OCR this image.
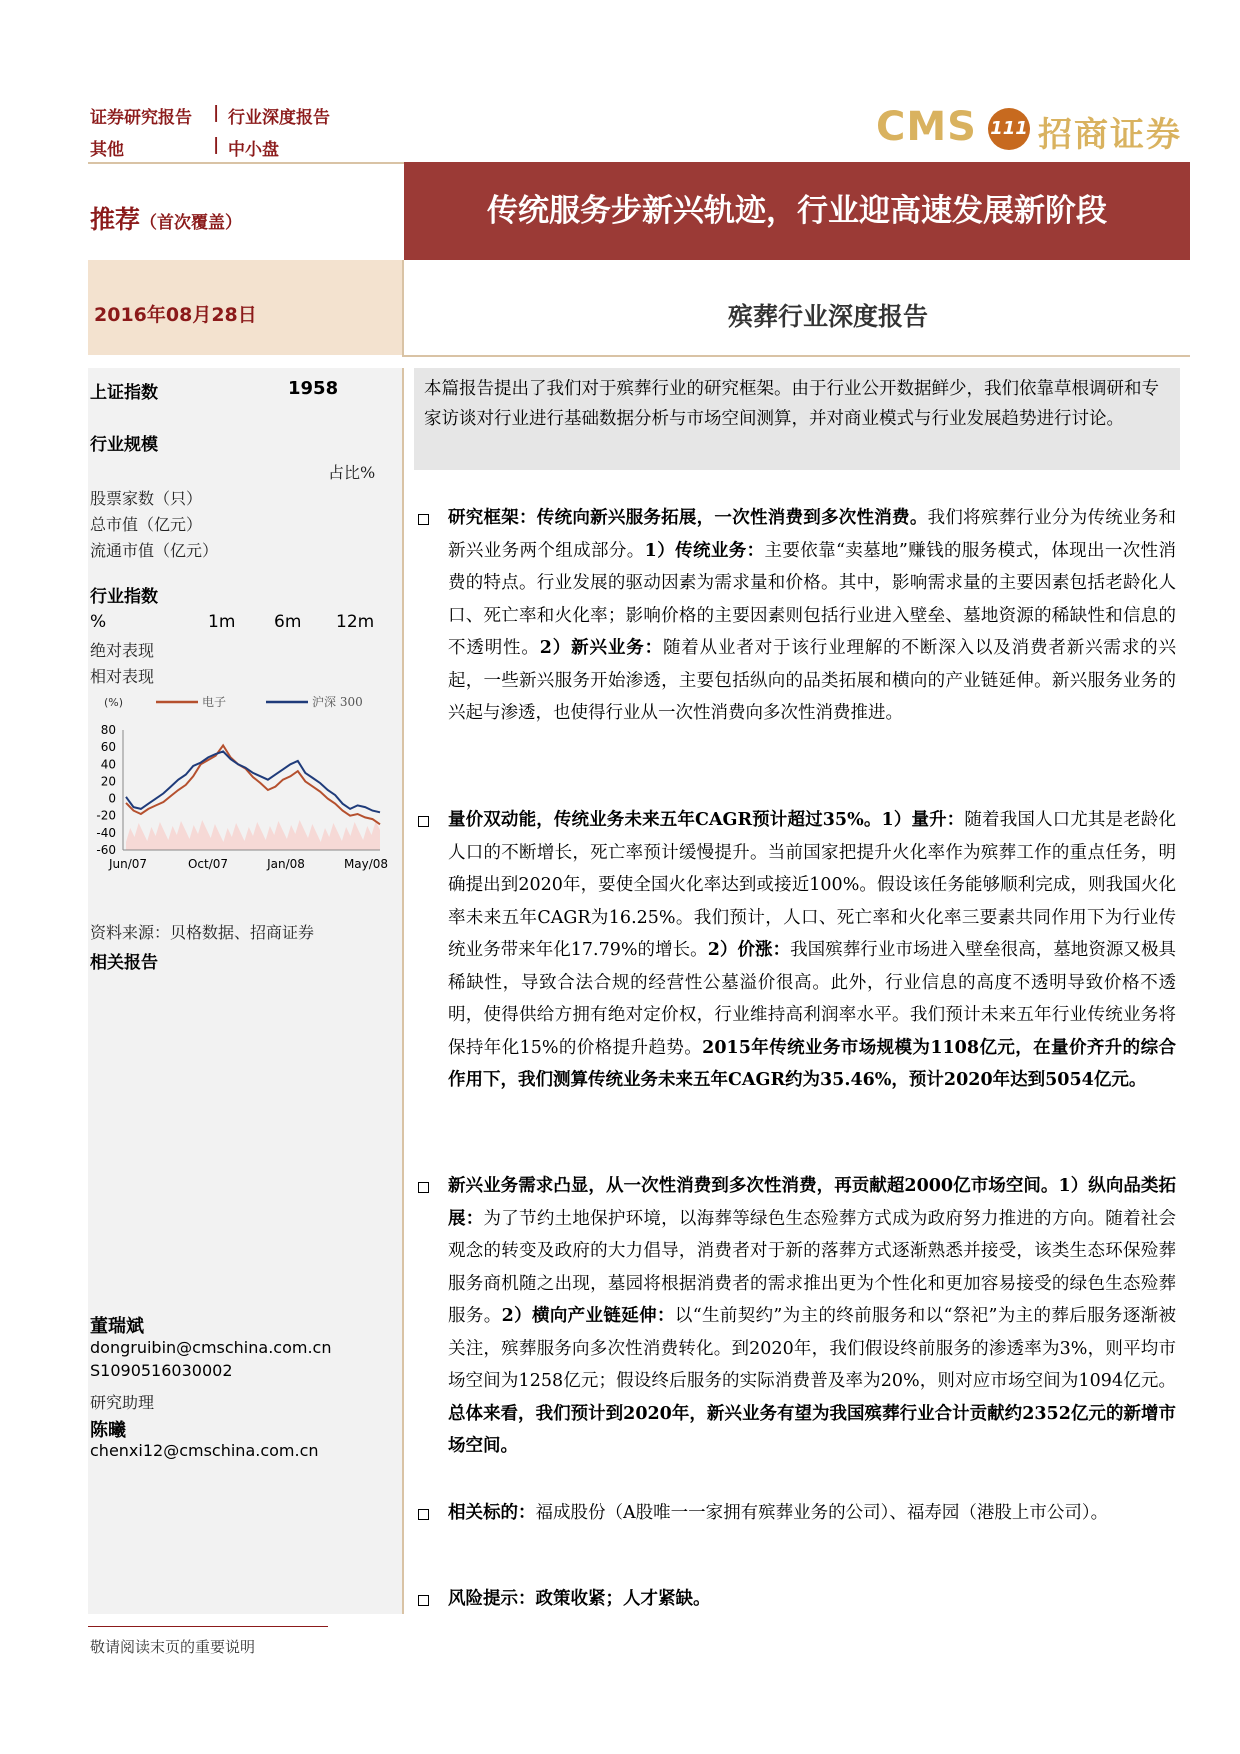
证券研究报告 | 行业深度报告
其他	| 中小盘	CMS 111 招商证券
推荐（首次覆盖）	传统服务步新兴轨迹，行业迎高速发展新阶段
2016年08月28日	殡葬行业深度报告
上证指数	1958
行业规模
占比%
股票家数（只）
总市值（亿元）
流通市值（亿元）
行业指数
%	1m 6m 12m
绝对表现
相对表现
(%)	电子	沪深 300
80
60
40
20
0
-20
-40
-60
Jun/07	Oct/07	Jan/08	May/08
资料来源：贝格数据、招商证券
相关报告
董瑞斌
dongruibin@cmschina.com.cn
S1090516030002
研究助理
陈曦
chenxi12@cmschina.com.cn
本篇报告提出了我们对于殡葬行业的研究框架。由于行业公开数据鲜少，我们依靠草根调研和专家访谈对行业进行基础数据分析与市场空间测算，并对商业模式与行业发展趋势进行讨论。
研究框架：传统向新兴服务拓展，一次性消费到多次性消费。我们将殡葬行业分为传统业务和新兴业务两个组成部分。1）传统业务：主要依靠“卖墓地”赚钱的服务模式，体现出一次性消费的特点。行业发展的驱动因素为需求量和价格。其中，影响需求量的主要因素包括老龄化人口、死亡率和火化率；影响价格的主要因素则包括行业进入壁垒、墓地资源的稀缺性和信息的不透明性。2）新兴业务：随着从业者对于该行业理解的不断深入以及消费者新兴需求的兴起，一些新兴服务开始渗透，主要包括纵向的品类拓展和横向的产业链延伸。新兴服务业务的兴起与渗透，也使得行业从一次性消费向多次性消费推进。
量价双动能，传统业务未来五年CAGR预计超过35%。1）量升：随着我国人口尤其是老龄化人口的不断增长，死亡率预计缓慢提升。当前国家把提升火化率作为殡葬工作的重点任务，明确提出到2020年，要使全国火化率达到或接近100%。假设该任务能够顺利完成，则我国火化率未来五年CAGR为16.25%。我们预计，人口、死亡率和火化率三要素共同作用下为行业传统业务带来年化17.79%的增长。2）价涨：我国殡葬行业市场进入壁垒很高，墓地资源又极具稀缺性，导致合法合规的经营性公墓溢价很高。此外，行业信息的高度不透明导致价格不透明，使得供给方拥有绝对定价权，行业维持高利润率水平。我们预计未来五年行业传统业务将保持年化15%的价格提升趋势。2015年传统业务市场规模为1108亿元，在量价齐升的综合作用下，我们测算传统业务未来五年CAGR约为35.46%，预计2020年达到5054亿元。
新兴业务需求凸显，从一次性消费到多次性消费，再贡献超2000亿市场空间。1）纵向品类拓展：为了节约土地保护环境，以海葬等绿色生态殓葬方式成为政府努力推进的方向。随着社会观念的转变及政府的大力倡导，消费者对于新的落葬方式逐渐熟悉并接受，该类生态环保殓葬服务商机随之出现，墓园将根据消费者的需求推出更为个性化和更加容易接受的绿色生态殓葬服务。2）横向产业链延伸：以“生前契约”为主的终前服务和以“祭祀”为主的葬后服务逐渐被关注，殡葬服务向多次性消费转化。到2020年，我们假设终前服务的渗透率为3%，则平均市场空间为1258亿元；假设终后服务的实际消费普及率为20%，则对应市场空间为1094亿元。总体来看，我们预计到2020年，新兴业务有望为我国殡葬行业合计贡献约2352亿元的新增市场空间。
相关标的：福成股份（A股唯一一家拥有殡葬业务的公司）、福寿园（港股上市公司）。
风险提示：政策收紧；人才紧缺。
敬请阅读末页的重要说明
